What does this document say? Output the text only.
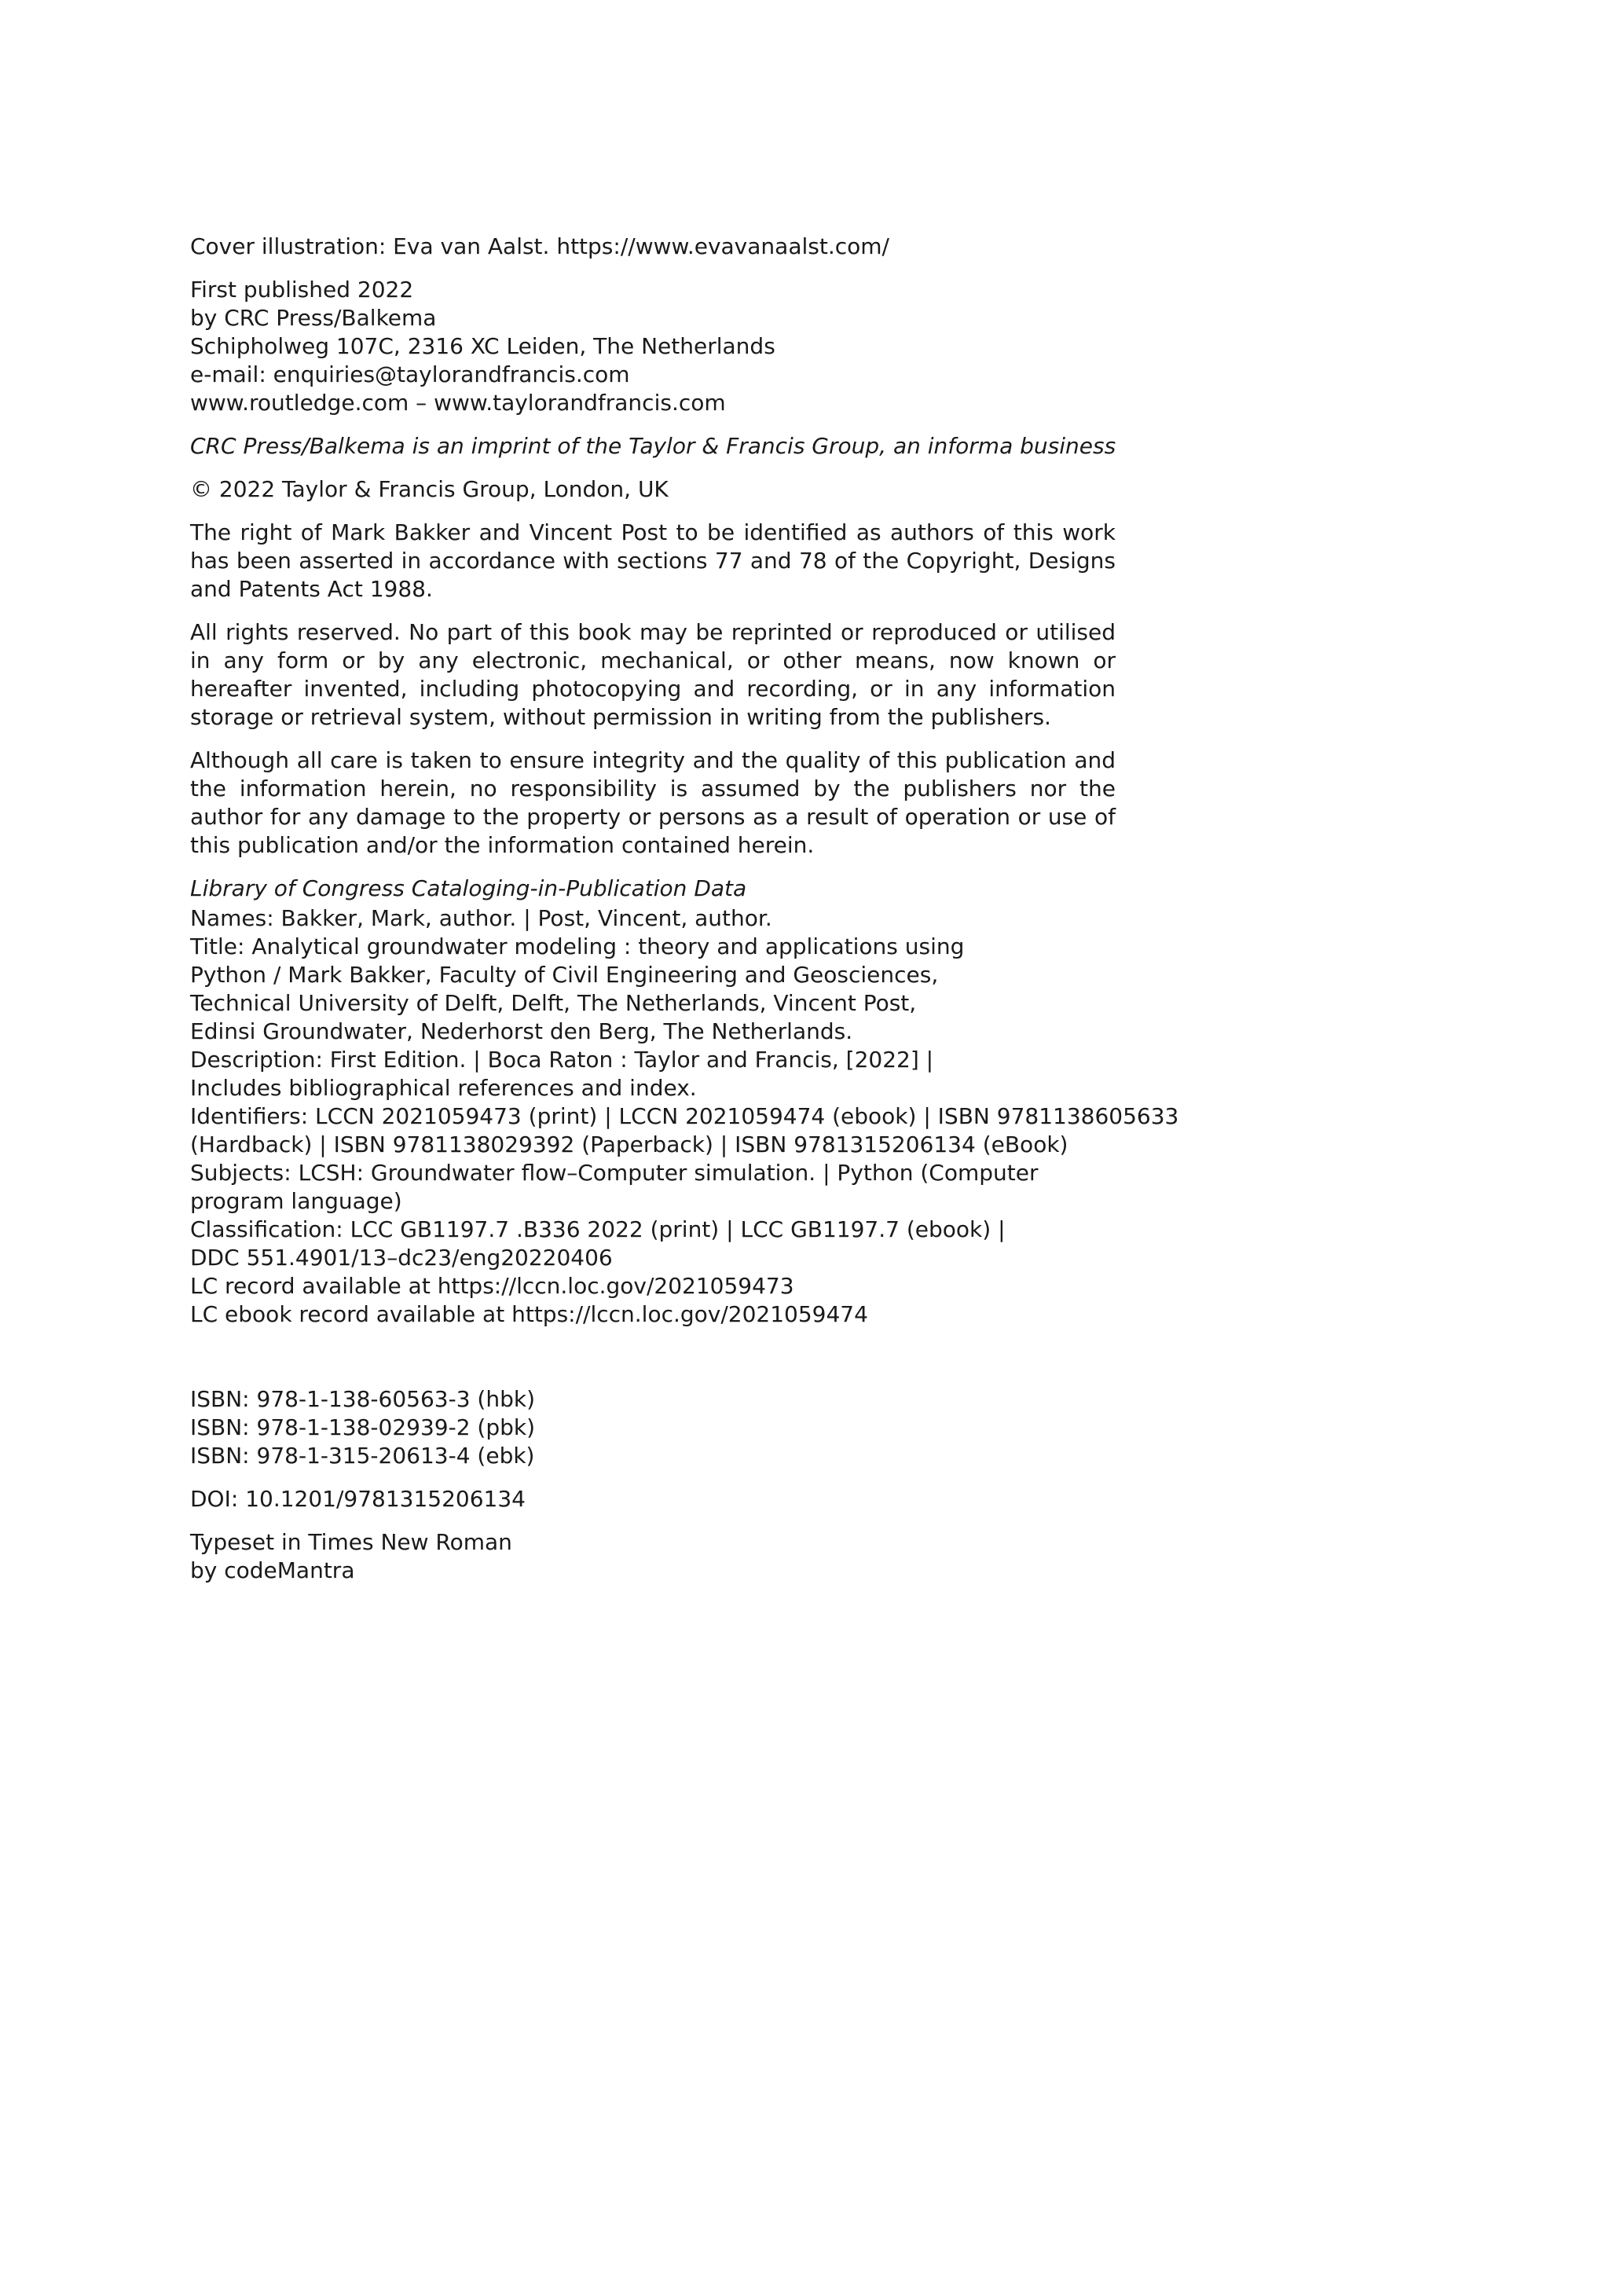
Cover illustration: Eva van Aalst. https://www.evavanaalst.com/
First published 2022
by CRC Press/Balkema
Schipholweg 107C, 2316 XC Leiden, The Netherlands
e-mail: enquiries@taylorandfrancis.com
www.routledge.com – www.taylorandfrancis.com
CRC Press/Balkema is an imprint of the Taylor & Francis Group, an informa business
© 2022 Taylor & Francis Group, London, UK
The right of Mark Bakker and Vincent Post to be identified as authors of this work has been asserted in accordance with sections 77 and 78 of the Copyright, Designs and Patents Act 1988.
All rights reserved. No part of this book may be reprinted or reproduced or utilised in any form or by any electronic, mechanical, or other means, now known or hereafter invented, including photocopying and recording, or in any information storage or retrieval system, without permission in writing from the publishers.
Although all care is taken to ensure integrity and the quality of this publication and the information herein, no responsibility is assumed by the publishers nor the author for any damage to the property or persons as a result of operation or use of this publication and/or the information contained herein.
Library of Congress Cataloging-in-Publication Data
Names: Bakker, Mark, author. | Post, Vincent, author.
Title: Analytical groundwater modeling : theory and applications using
Python / Mark Bakker, Faculty of Civil Engineering and Geosciences,
Technical University of Delft, Delft, The Netherlands, Vincent Post,
Edinsi Groundwater, Nederhorst den Berg, The Netherlands.
Description: First Edition. | Boca Raton : Taylor and Francis, [2022] |
Includes bibliographical references and index.
Identifiers: LCCN 2021059473 (print) | LCCN 2021059474 (ebook) | ISBN 9781138605633
(Hardback) | ISBN 9781138029392 (Paperback) | ISBN 9781315206134 (eBook)
Subjects: LCSH: Groundwater flow–Computer simulation. | Python (Computer
program language)
Classification: LCC GB1197.7 .B336 2022 (print) | LCC GB1197.7 (ebook) |
DDC 551.4901/13–dc23/eng20220406
LC record available at https://lccn.loc.gov/2021059473
LC ebook record available at https://lccn.loc.gov/2021059474
ISBN: 978-1-138-60563-3 (hbk)
ISBN: 978-1-138-02939-2 (pbk)
ISBN: 978-1-315-20613-4 (ebk)
DOI: 10.1201/9781315206134
Typeset in Times New Roman
by codeMantra
